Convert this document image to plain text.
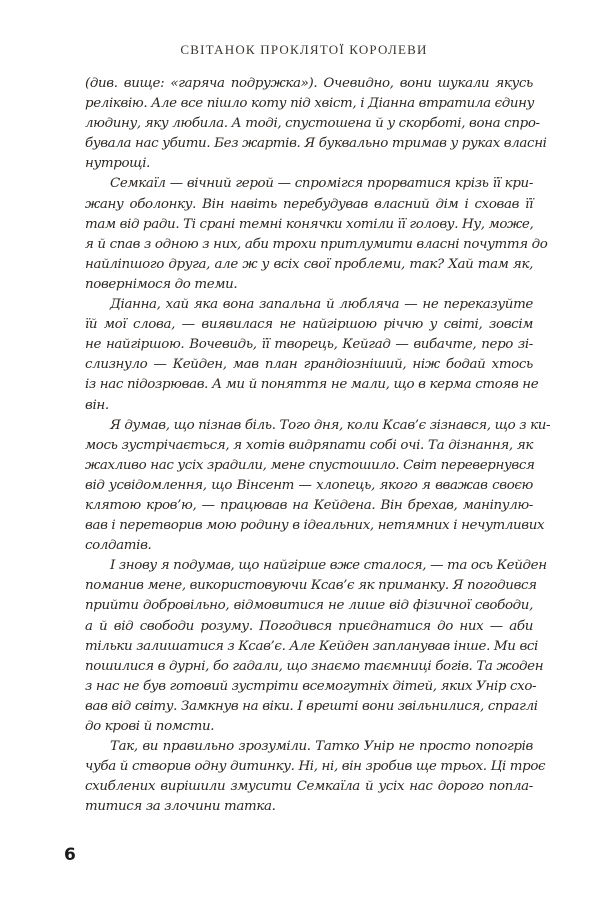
СВІТАНОК ПРОКЛЯТОЇ КОРОЛЕВИ
(див. вище: «гаряча подружка»). Очевидно, вони шукали якусь
реліквію. Але все пішло коту під хвіст, і Діанна втратила єдину
людину, яку любила. А тоді, спустошена й у скорботі, вона спро-
бувала нас убити. Без жартів. Я буквально тримав у руках власні
нутрощі.
Семкаїл — вічний герой — спромігся прорватися крізь її кри-
жану оболонку. Він навіть перебудував власний дім і сховав її
там від ради. Ті срані темні конячки хотіли її голову. Ну, може,
я й спав з одною з них, аби трохи притлумити власні почуття до
найліпшого друга, але ж у всіх свої проблеми, так? Хай там як,
повернімося до теми.
Діанна, хай яка вона запальна й любляча — не переказуйте
їй мої слова, — виявилася не найгіршою річчю у світі, зовсім
не найгіршою. Вочевидь, її творець, Кейгад — вибачте, перо зі-
слизнуло — Кейден, мав план грандіозніший, ніж бодай хтось
із нас підозрював. А ми й поняття не мали, що в керма стояв не
він.
Я думав, що пізнав біль. Того дня, коли Ксав’є зізнався, що з ки-
мось зустрічається, я хотів видряпати собі очі. Та дізнання, як
жахливо нас усіх зрадили, мене спустошило. Світ перевернувся
від усвідомлення, що Вінсент — хлопець, якого я вважав своєю
клятою кров’ю, — працював на Кейдена. Він брехав, маніпулю-
вав і перетворив мою родину в ідеальних, нетямних і нечутливих
солдатів.
І знову я подумав, що найгірше вже сталося, — та ось Кейден
поманив мене, використовуючи Ксав’є як приманку. Я погодився
прийти добровільно, відмовитися не лише від фізичної свободи,
а й від свободи розуму. Погодився приєднатися до них — аби
тільки залишатися з Ксав’є. Але Кейден запланував інше. Ми всі
пошилися в дурні, бо гадали, що знаємо таємниці богів. Та жоден
з нас не був готовий зустріти всемогутніх дітей, яких Унір схо-
вав від світу. Замкнув на віки. І врешті вони звільнилися, спраглі
до крові й помсти.
Так, ви правильно зрозуміли. Татко Унір не просто попогрів
чуба й створив одну дитинку. Ні, ні, він зробив ще трьох. Ці троє
схиблених вирішили змусити Семкаїла й усіх нас дорого попла-
титися за злочини татка.
6
